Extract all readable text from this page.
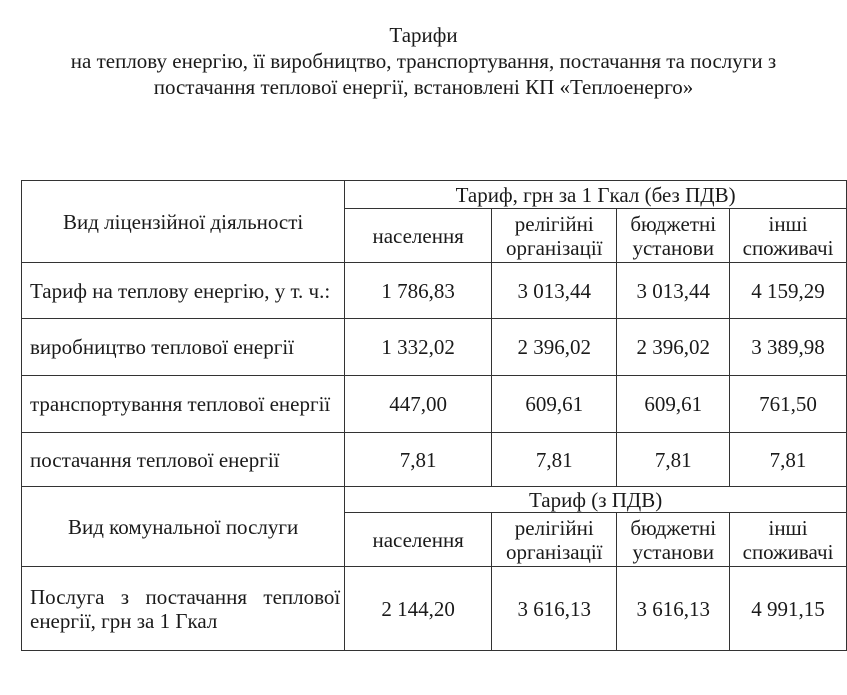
Тарифи
на теплову енергію, її виробництво, транспортування, постачання та послуги з
постачання теплової енергії, встановлені КП «Теплоенерго»
Вид ліцензійної діяльності	Тариф, грн за 1 Гкал (без ПДВ)			
	населення	релігійні організації	бюджетні установи	інші споживачі
Тариф на теплову енергію, у т. ч.:	1 786,83	3 013,44	3 013,44	4 159,29
виробництво теплової енергії	1 332,02	2 396,02	2 396,02	3 389,98
транспортування теплової енергії	447,00	609,61	609,61	761,50
постачання теплової енергії	7,81	7,81	7,81	7,81
Вид комунальної послуги	Тариф (з ПДВ)			
	населення	релігійні організації	бюджетні установи	інші споживачі
Послуга з постачання теплової енергії, грн за 1 Гкал	2 144,20	3 616,13	3 616,13	4 991,15
